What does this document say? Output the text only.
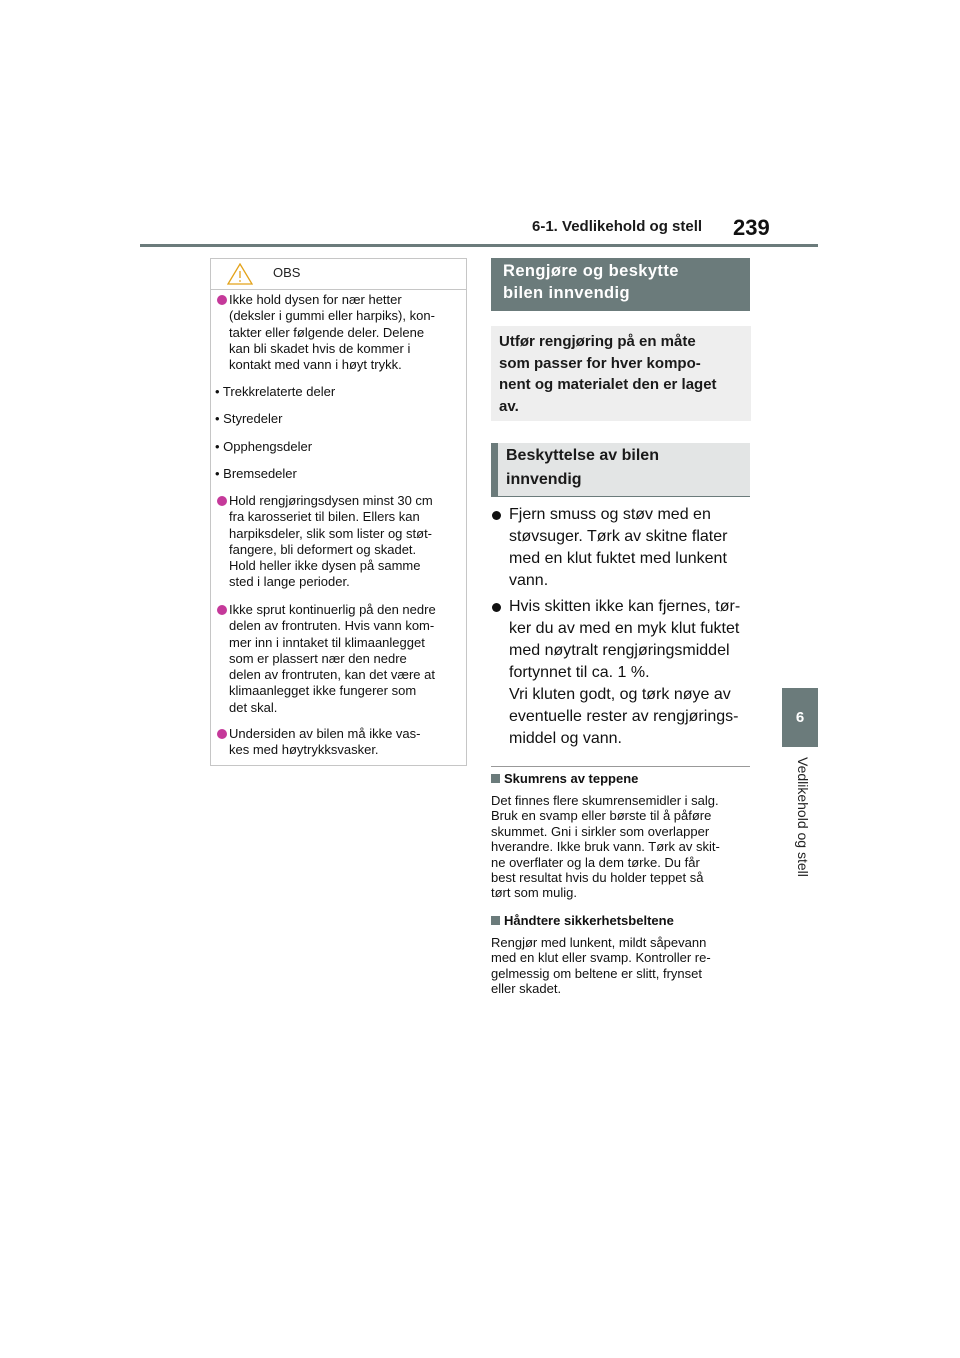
6-1. Vedlikehold og stell 239
6
Vedlikehold og stell
OBS
Ikke hold dysen for nær hetter
(deksler i gummi eller harpiks), kon-
takter eller følgende deler. Delene
kan bli skadet hvis de kommer i
kontakt med vann i høyt trykk.
• Trekkrelaterte deler
• Styredeler
• Opphengsdeler
• Bremsedeler
Hold rengjøringsdysen minst 30 cm
fra karosseriet til bilen. Ellers kan
harpiksdeler, slik som lister og støt-
fangere, bli deformert og skadet.
Hold heller ikke dysen på samme
sted i lange perioder.
Ikke sprut kontinuerlig på den nedre
delen av frontruten. Hvis vann kom-
mer inn i inntaket til klimaanlegget
som er plassert nær den nedre
delen av frontruten, kan det være at
klimaanlegget ikke fungerer som
det skal.
Undersiden av bilen må ikke vas-
kes med høytrykksvasker.
Rengjøre og beskytte
bilen innvendig
Utfør rengjøring på en måte
som passer for hver kompo-
nent og materialet den er laget
av.
Beskyttelse av bilen
innvendig
Fjern smuss og støv med en
støvsuger. Tørk av skitne flater
med en klut fuktet med lunkent
vann.
Hvis skitten ikke kan fjernes, tør-
ker du av med en myk klut fuktet
med nøytralt rengjøringsmiddel
fortynnet til ca. 1 %.
Vri kluten godt, og tørk nøye av
eventuelle rester av rengjørings-
middel og vann.
Skumrens av teppene
Det finnes flere skumrensemidler i salg.
Bruk en svamp eller børste til å påføre
skummet. Gni i sirkler som overlapper
hverandre. Ikke bruk vann. Tørk av skit-
ne overflater og la dem tørke. Du får
best resultat hvis du holder teppet så
tørt som mulig.
Håndtere sikkerhetsbeltene
Rengjør med lunkent, mildt såpevann
med en klut eller svamp. Kontroller re-
gelmessig om beltene er slitt, frynset
eller skadet.
